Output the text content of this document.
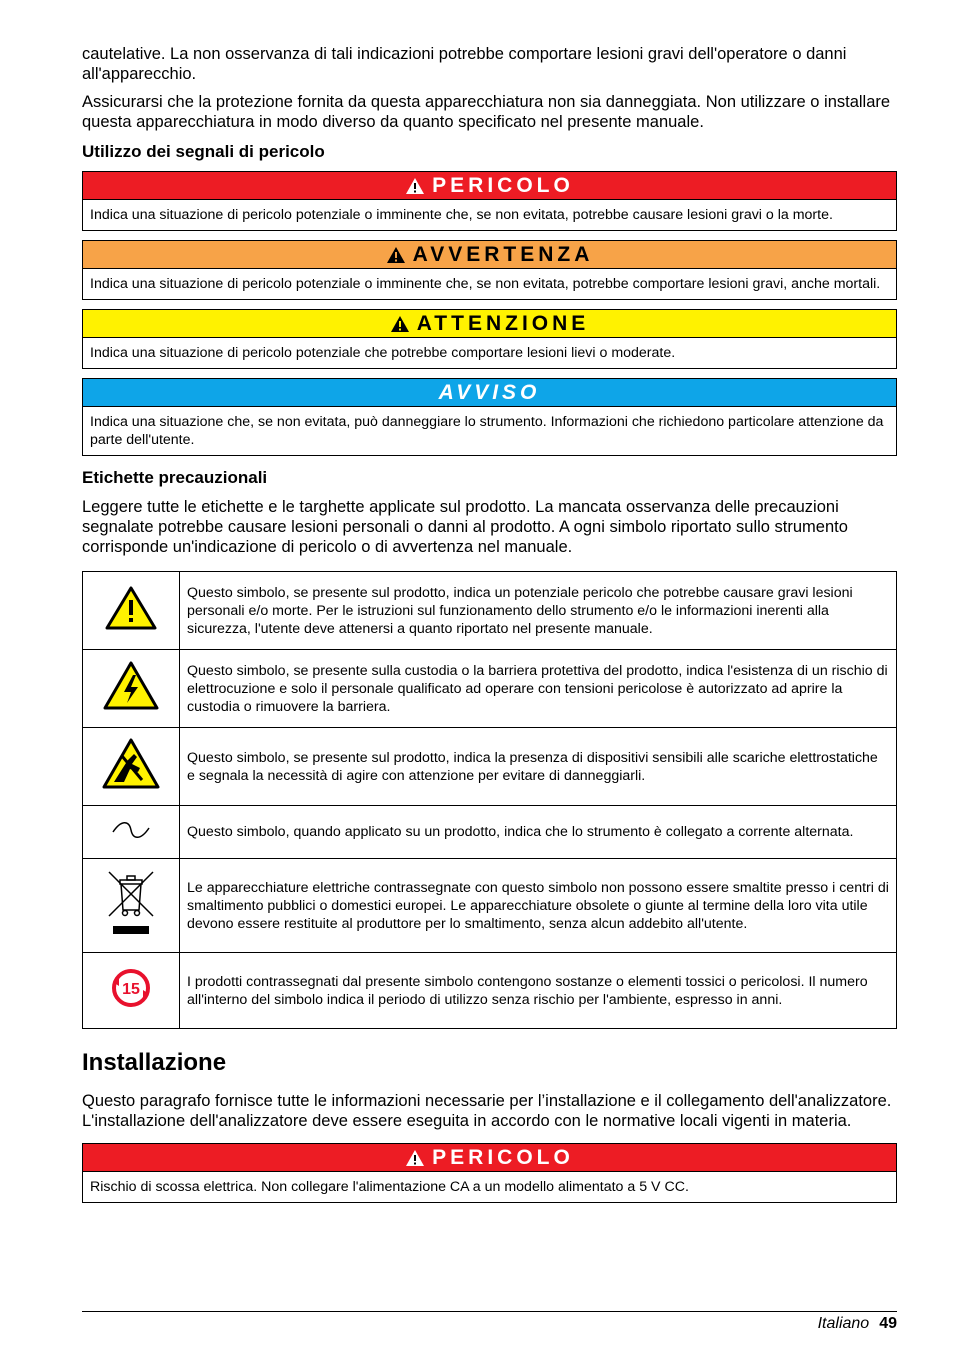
cautelative. La non osservanza di tali indicazioni potrebbe comportare lesioni gravi dell'operatore o danni all'apparecchio.

Assicurarsi che la protezione fornita da questa apparecchiatura non sia danneggiata. Non utilizzare o installare questa apparecchiatura in modo diverso da quanto specificato nel presente manuale.

Utilizzo dei segnali di pericolo
PERICOLO
Indica una situazione di pericolo potenziale o imminente che, se non evitata, potrebbe causare lesioni gravi o la morte.
AVVERTENZA
Indica una situazione di pericolo potenziale o imminente che, se non evitata, potrebbe comportare lesioni gravi, anche mortali.
ATTENZIONE
Indica una situazione di pericolo potenziale che potrebbe comportare lesioni lievi o moderate.
AVVISO
Indica una situazione che, se non evitata, può danneggiare lo strumento. Informazioni che richiedono particolare attenzione da parte dell'utente.
Etichette precauzionali

Leggere tutte le etichette e le targhette applicate sul prodotto. La mancata osservanza delle precauzioni segnalate potrebbe causare lesioni personali o danni al prodotto. A ogni simbolo riportato sullo strumento corrisponde un'indicazione di pericolo o di avvertenza nel manuale.

	Questo simbolo, se presente sul prodotto, indica un potenziale pericolo che potrebbe causare gravi lesioni personali e/o morte. Per le istruzioni sul funzionamento dello strumento e/o le informazioni inerenti alla sicurezza, l'utente deve attenersi a quanto riportato nel presente manuale.
	Questo simbolo, se presente sulla custodia o la barriera protettiva del prodotto, indica l'esistenza di un rischio di elettrocuzione e solo il personale qualificato ad operare con tensioni pericolose è autorizzato ad aprire la custodia o rimuovere la barriera.
	Questo simbolo, se presente sul prodotto, indica la presenza di dispositivi sensibili alle scariche elettrostatiche e segnala la necessità di agire con attenzione per evitare di danneggiarli.
	Questo simbolo, quando applicato su un prodotto, indica che lo strumento è collegato a corrente alternata.
	Le apparecchiature elettriche contrassegnate con questo simbolo non possono essere smaltite presso i centri di smaltimento pubblici o domestici europei. Le apparecchiature obsolete o giunte al termine della loro vita utile devono essere restituite al produttore per lo smaltimento, senza alcun addebito all'utente.

15	I prodotti contrassegnati dal presente simbolo contengono sostanze o elementi tossici o pericolosi. Il numero all'interno del simbolo indica il periodo di utilizzo senza rischio per l'ambiente, espresso in anni.
Installazione

Questo paragrafo fornisce tutte le informazioni necessarie per l’installazione e il collegamento dell'analizzatore. L'installazione dell'analizzatore deve essere eseguita in accordo con le normative locali vigenti in materia.

PERICOLO
Rischio di scossa elettrica. Non collegare l'alimentazione CA a un modello alimentato a 5 V CC.
Italiano 49
